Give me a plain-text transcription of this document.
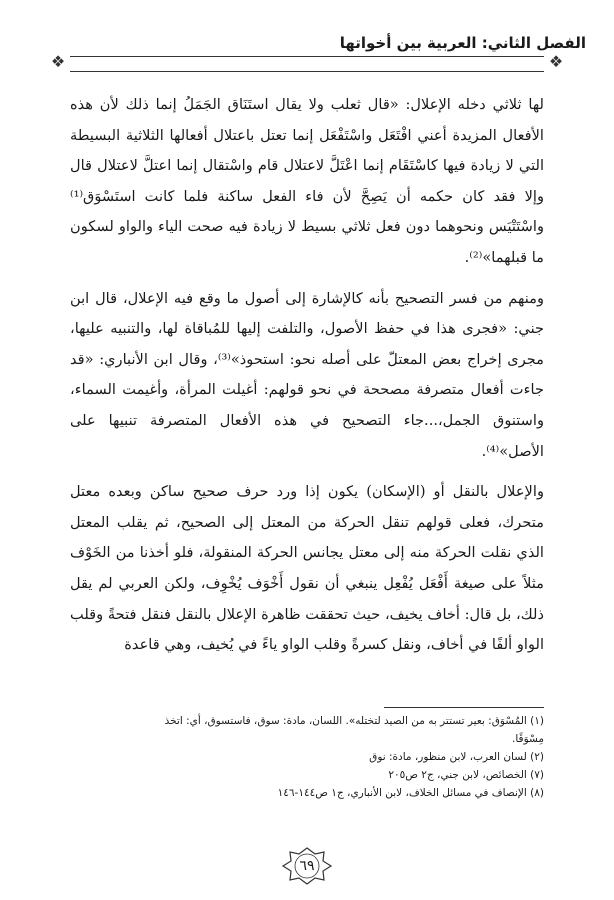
الفصل الثاني: العربية بين أخواتها
❖
❖

لها ثلاثي دخله الإعلال: «قال ثعلب ولا يقال استَنَاق الجَمَلُ إنما ذلك لأن هذه الأفعال المزيدة أعني افْتَعَل واسْتَفْعَل إنما تعتل باعتلال أفعالها الثلاثية البسيطة التي لا زيادة فيها كاسْتَقَام إنما اعْتَلَّ لاعتلال قام واسْتقال إنما اعتلَّ لاعتلال قال وإلا فقد كان حكمه أن يَصِحَّ لأن فاء الفعل ساكنة فلما كانت استَسْوَق⁽¹⁾ واسْتَتْيَس ونحوهما دون فعل ثلاثي بسيط لا زيادة فيه صحت الياء والواو لسكون ما قبلهما»⁽²⁾.

ومنهم من فسر التصحيح بأنه كالإشارة إلى أصول ما وقع فيه الإعلال، قال ابن جني: «فجرى هذا في حفظ الأصول، والتلفت إليها للمُباقاة لها، والتنبيه عليها، مجرى إخراج بعض المعتلّ على أصله نحو: استحوذ»⁽³⁾، وقال ابن الأنباري: «قد جاءت أفعال متصرفة مصححة في نحو قولهم: أغيلت المرأة، وأغيمت السماء، واستنوق الجمل،...جاء التصحيح في هذه الأفعال المتصرفة تنبيها على الأصل»⁽⁴⁾.

والإعلال بالنقل أو (الإسكان) يكون إذا ورد حرف صحيح ساكن وبعده معتل متحرك، فعلى قولهم تنقل الحركة من المعتل إلى الصحيح، ثم يقلب المعتل الذي نقلت الحركة منه إلى معتل يجانس الحركة المنقولة، فلو أخذنا من الخَوْف مثلاً على صيغة أَفْعَل يُفْعِل ينبغي أن نقول أَخْوَف يُخْوِف، ولكن العربي لم يقل ذلك، بل قال: أخاف يخيف، حيث تحققت ظاهرة الإعلال بالنقل فنقل فتحةً وقلب الواو ألفًا في أخاف، ونقل كسرةً وقلب الواو ياءً في يُخيف، وهي قاعدة

(١) المُسْوَق: بعير تستتر به من الصيد لتختله». اللسان، مادة: سوق، فاستسوق، أي: اتخذ
مِسْوَقًا.
(٢) لسان العرب، لابن منظور، مادة: نوق
(٧) الخصائص، لابن جني، ج٢ ص٢٠٥
(٨) الإنصاف في مسائل الخلاف، لابن الأنباري، ج١ ص١٤٤-١٤٦
٦٩
